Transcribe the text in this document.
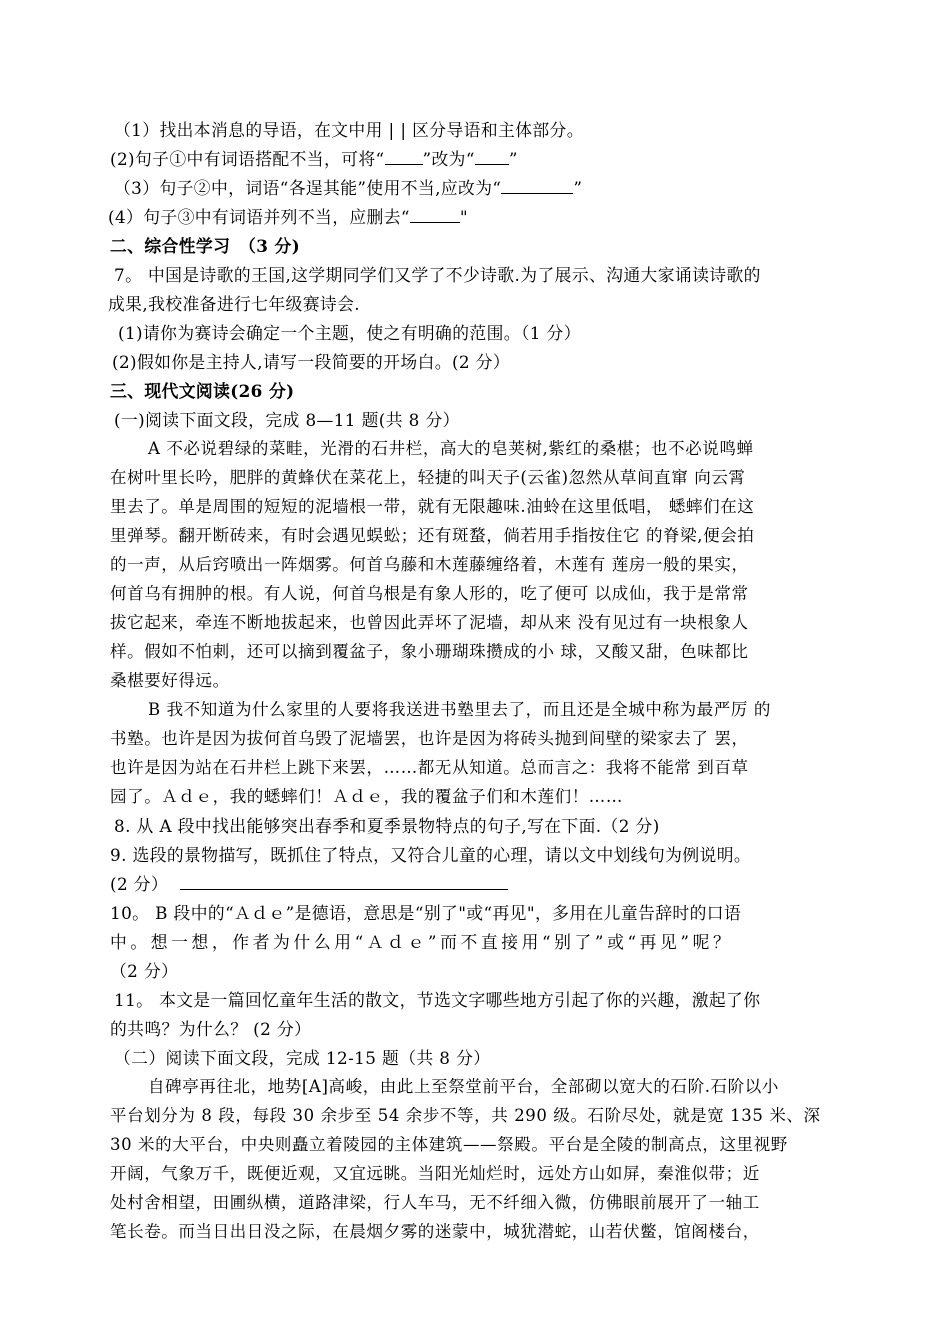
（1）找出本消息的导语，在文中用 | | 区分导语和主体部分。
(2)句子①中有词语搭配不当，可将“ ”改为“ ”
（3）句子②中，词语“各逞其能”使用不当,应改为“	”
(4）句子③中有词语并列不当，应删去“	"
二、综合性学习　（3 分)
7。 中国是诗歌的王国,这学期同学们又学了不少诗歌.为了展示、沟通大家诵读诗歌的
成果,我校准备进行七年级赛诗会.
(1)请你为赛诗会确定一个主题，使之有明确的范围。（1 分）
(2)假如你是主持人,请写一段简要的开场白。(2 分）
三、现代文阅读(26 分)
(一)阅读下面文段，完成 8—11 题(共 8 分）
A 不必说碧绿的菜畦，光滑的石井栏，高大的皂荚树,紫红的桑椹；也不必说鸣蝉
在树叶里长吟，肥胖的黄蜂伏在菜花上，轻捷的叫天子(云雀)忽然从草间直窜 向云霄
里去了。单是周围的短短的泥墙根一带，就有无限趣味.油蛉在这里低唱， 蟋蟀们在这
里弹琴。翻开断砖来，有时会遇见蜈蚣；还有斑蝥，倘若用手指按住它 的脊梁,便会拍
的一声，从后窍喷出一阵烟雾。何首乌藤和木莲藤缠络着，木莲有 莲房一般的果实，
何首乌有拥肿的根。有人说，何首乌根是有象人形的，吃了便可 以成仙，我于是常常
拔它起来，牵连不断地拔起来，也曾因此弄坏了泥墙，却从来 没有见过有一块根象人
样。假如不怕刺，还可以摘到覆盆子，象小珊瑚珠攒成的小 球，又酸又甜，色味都比
桑椹要好得远。
B 我不知道为什么家里的人要将我送进书塾里去了，而且还是全城中称为最严厉 的
书塾。也许是因为拔何首乌毁了泥墙罢，也许是因为将砖头抛到间壁的梁家去了 罢，
也许是因为站在石井栏上跳下来罢，……都无从知道。总而言之：我将不能常 到百草
园了。Ａｄｅ，我的蟋蟀们！Ａｄｅ，我的覆盆子们和木莲们！……
8. 从 A 段中找出能够突出春季和夏季景物特点的句子,写在下面.（2 分)
9. 选段的景物描写，既抓住了特点，又符合儿童的心理，请以文中划线句为例说明。
(2 分）
10。 B 段中的“Ａｄｅ”是德语，意思是“别了"或“再见"，多用在儿童告辞时的口语
中。想一想，作者为什么用“Ａｄｅ”而不直接用“别了”或“再见”呢？
（2 分）
11。 本文是一篇回忆童年生活的散文，节选文字哪些地方引起了你的兴趣，激起了你
的共鸣？为什么？ (2 分）
（二）阅读下面文段，完成 12-15 题（共 8 分）
自碑亭再往北，地势[A]高峻，由此上至祭堂前平台，全部砌以宽大的石阶.石阶以小
平台划分为 8 段，每段 30 余步至 54 余步不等，共 290 级。石阶尽处，就是宽 135 米、深
30 米的大平台，中央则矗立着陵园的主体建筑——祭殿。平台是全陵的制高点，这里视野
开阔，气象万千，既便近观，又宜远眺。当阳光灿烂时，远处方山如屏，秦淮似带；近
处村舍相望，田圃纵横，道路津梁，行人车马，无不纤细入微，仿佛眼前展开了一轴工
笔长卷。而当日出日没之际，在晨烟夕雾的迷蒙中，城犹潜蛇，山若伏鳖，馆阁楼台，
